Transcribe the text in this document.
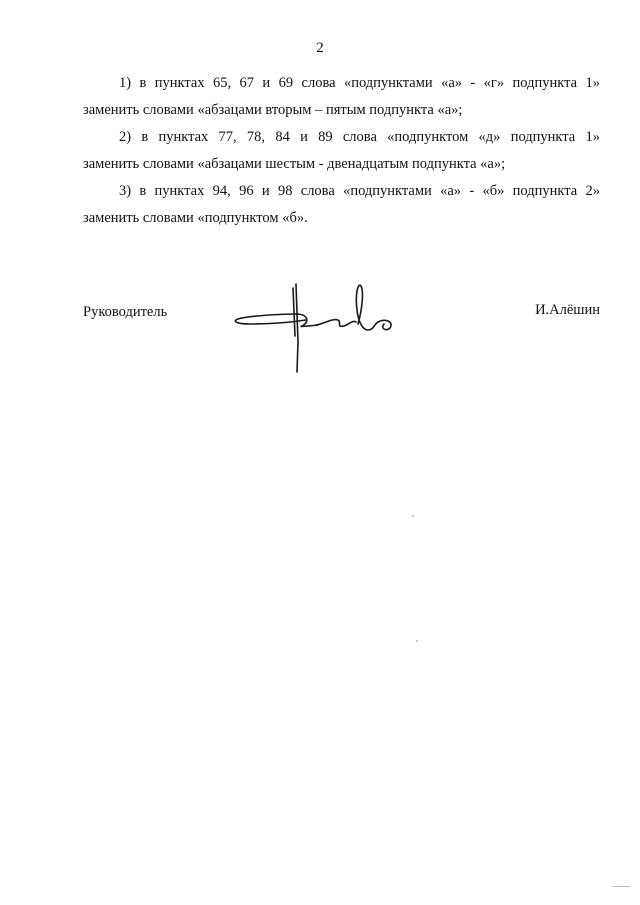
2

1) в пунктах 65, 67 и 69 слова «подпунктами «а» - «г» подпункта 1»
заменить словами «абзацами вторым – пятым подпункта «а»;

2) в пунктах 77, 78, 84 и 89 слова «подпунктом «д» подпункта 1»
заменить словами «абзацами шестым - двенадцатым подпункта «а»;

3) в пунктах 94, 96 и 98 слова «подпунктами «а» - «б» подпункта 2»
заменить словами «подпунктом «б».

Руководитель	И.Алёшин
